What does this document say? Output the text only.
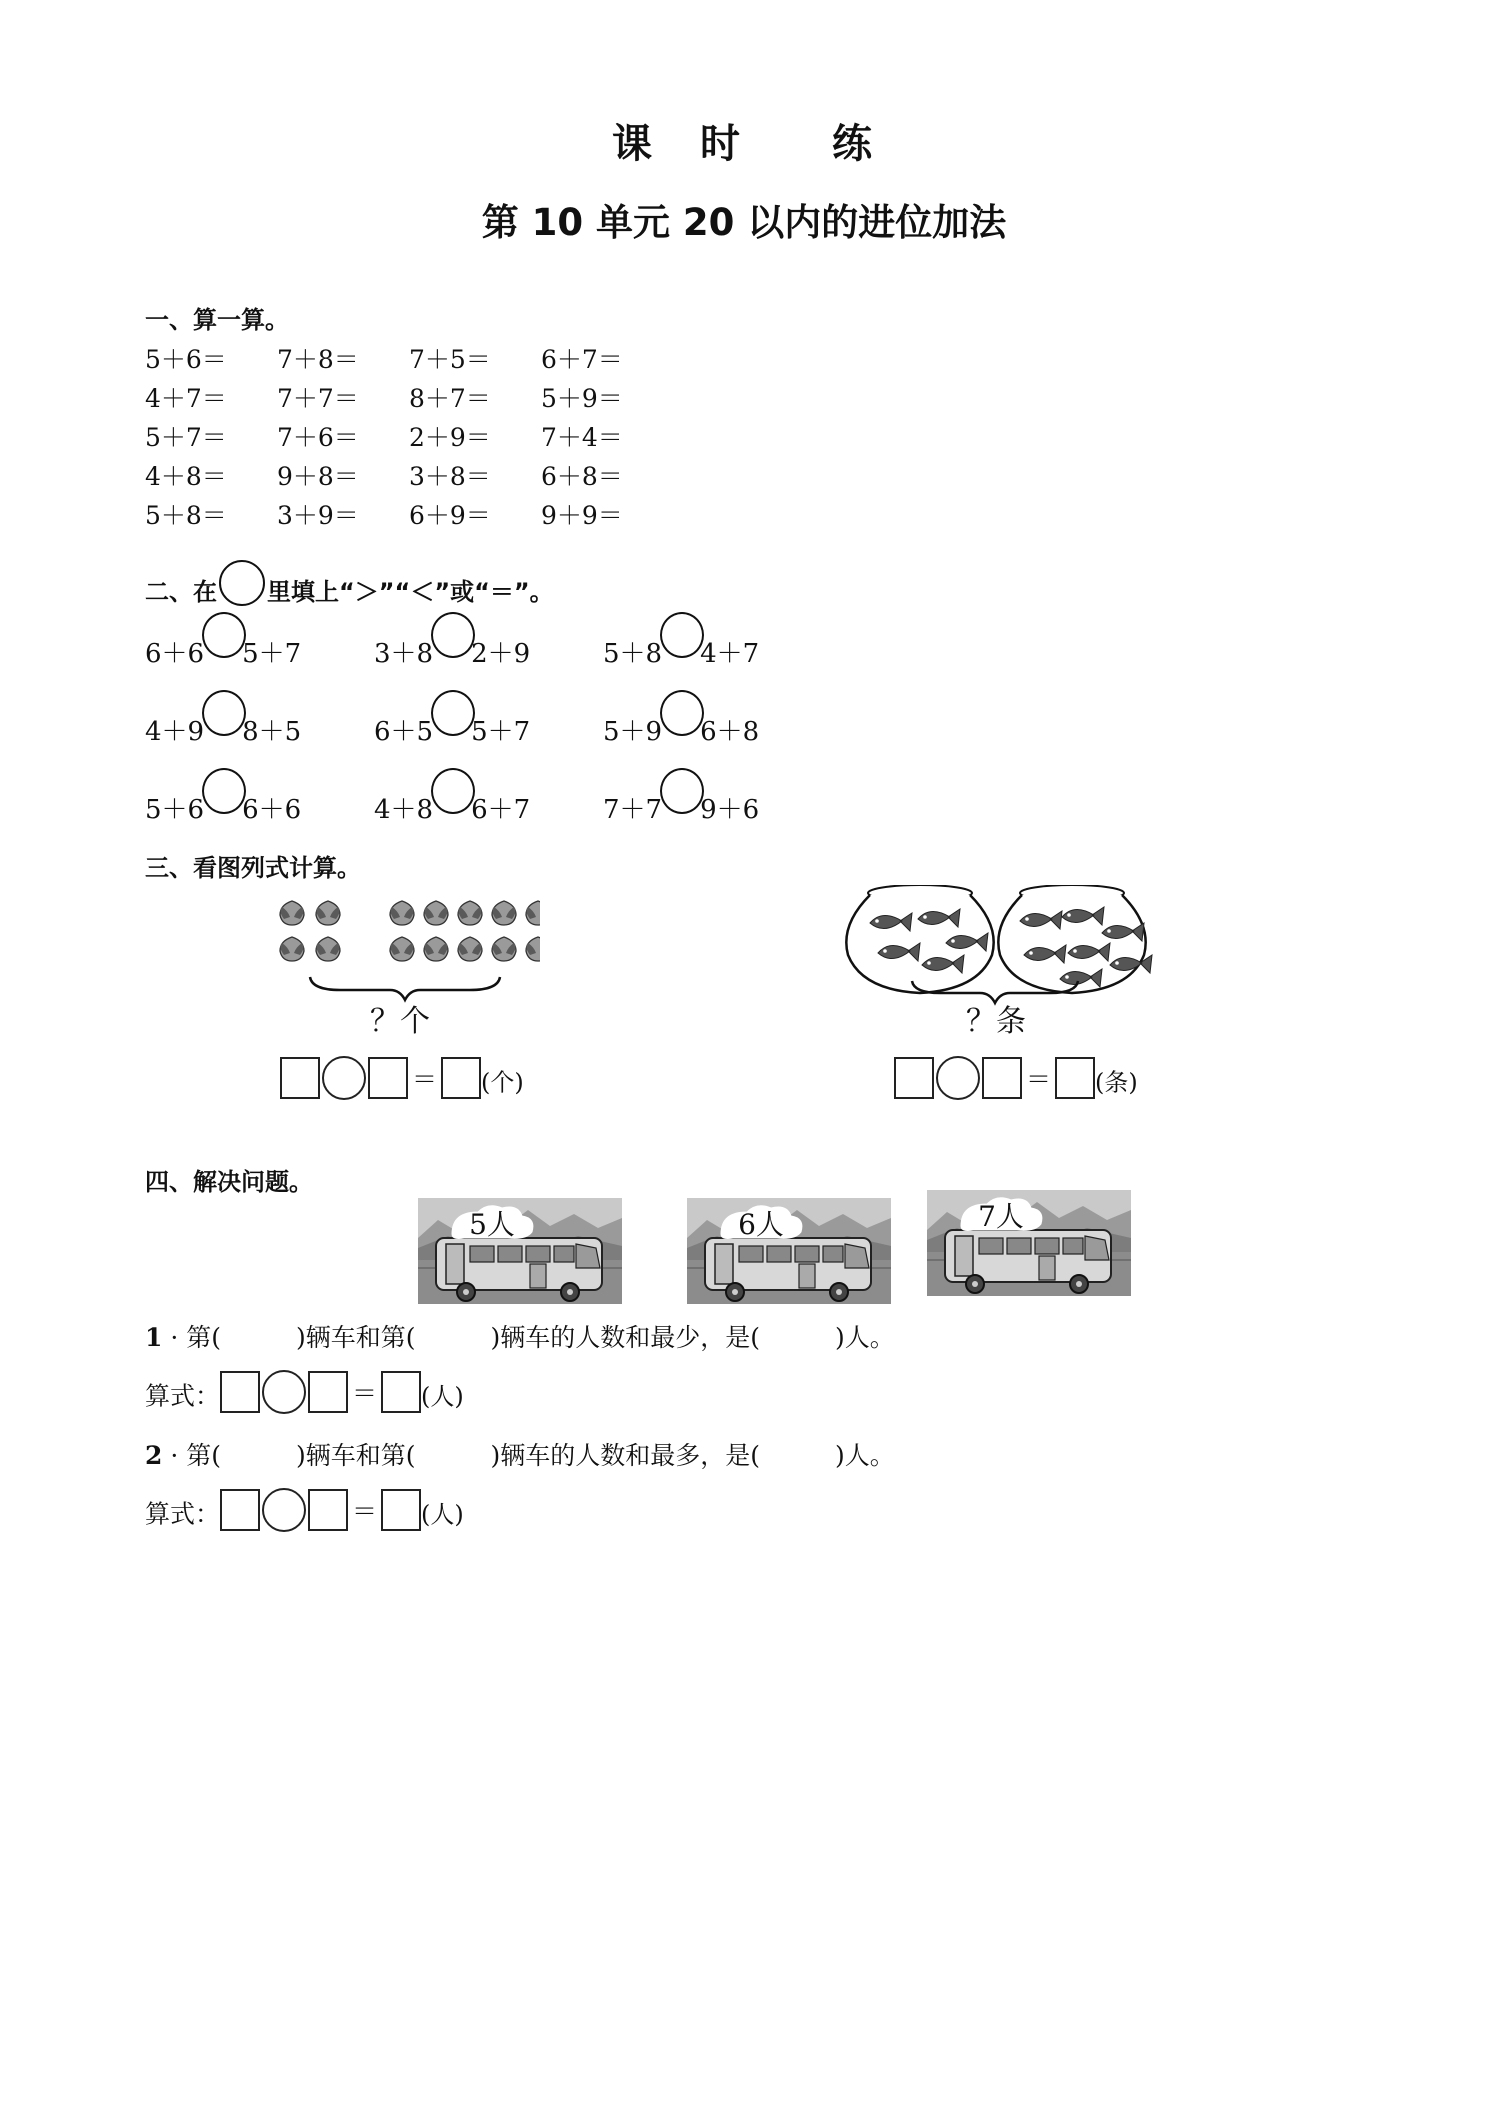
课　时　 练
第 10 单元 20 以内的进位加法
一、算一算。
5＋6＝ 7＋8＝ 7＋5＝ 6＋7＝
4＋7＝ 7＋7＝ 8＋7＝ 5＋9＝
5＋7＝ 7＋6＝ 2＋9＝ 7＋4＝
4＋8＝ 9＋8＝ 3＋8＝ 6＋8＝
5＋8＝ 3＋9＝ 6＋9＝ 9＋9＝
二、在 里填上“＞”“＜”或“＝”。
6＋6 5＋7	3＋8 2＋9	5＋8 4＋7
4＋9 8＋5	6＋5 5＋7	5＋9 6＋8
5＋6 6＋6	4＋8 6＋7	7＋7 9＋6
三、看图列式计算。
？个
＝ (个)
？条
＝ (条)
四、解决问题。
5人	6人	7人
1 · 第(　　　)辆车和第(　　　)辆车的人数和最少，是(　　　)人。
算式：	＝ (人)
2 · 第(　　　)辆车和第(　　　)辆车的人数和最多，是(　　　)人。
算式：	＝ (人)
